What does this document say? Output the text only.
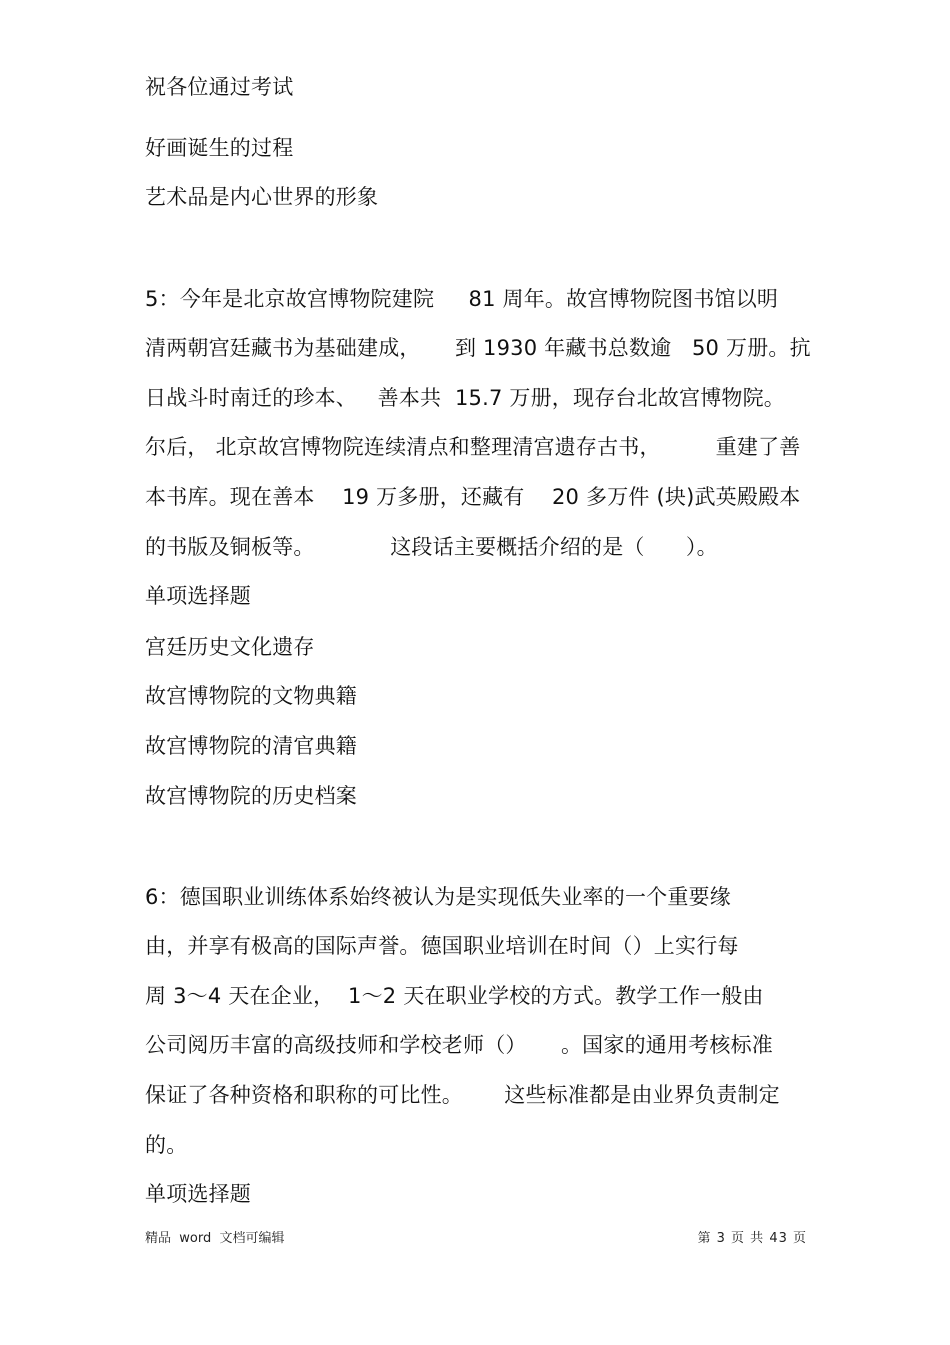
祝各位通过考试
好画诞生的过程
艺术品是内心世界的形象
5：今年是北京故宫博物院建院     81 周年。故宫博物院图书馆以明
清两朝宫廷藏书为基础建成，     到 1930 年藏书总数逾   50 万册。抗
日战斗时南迁的珍本、   善本共  15.7 万册，现存台北故宫博物院。
尔后， 北京故宫博物院连续清点和整理清宫遗存古书，        重建了善
本书库。现在善本    19 万多册，还藏有    20 多万件 (块)武英殿殿本
的书版及铜板等。           这段话主要概括介绍的是（      ）。
单项选择题
宫廷历史文化遗存
故宫博物院的文物典籍
故宫博物院的清官典籍
故宫博物院的历史档案
6：德国职业训练体系始终被认为是实现低失业率的一个重要缘
由，并享有极高的国际声誉。德国职业培训在时间（）上实行每
周 3～4 天在企业，  1～2 天在职业学校的方式。教学工作一般由
公司阅历丰富的高级技师和学校老师（）     。国家的通用考核标准
保证了各种资格和职称的可比性。      这些标准都是由业界负责制定
的。
单项选择题
精品  word  文档可编辑	第 3 页 共 43 页
